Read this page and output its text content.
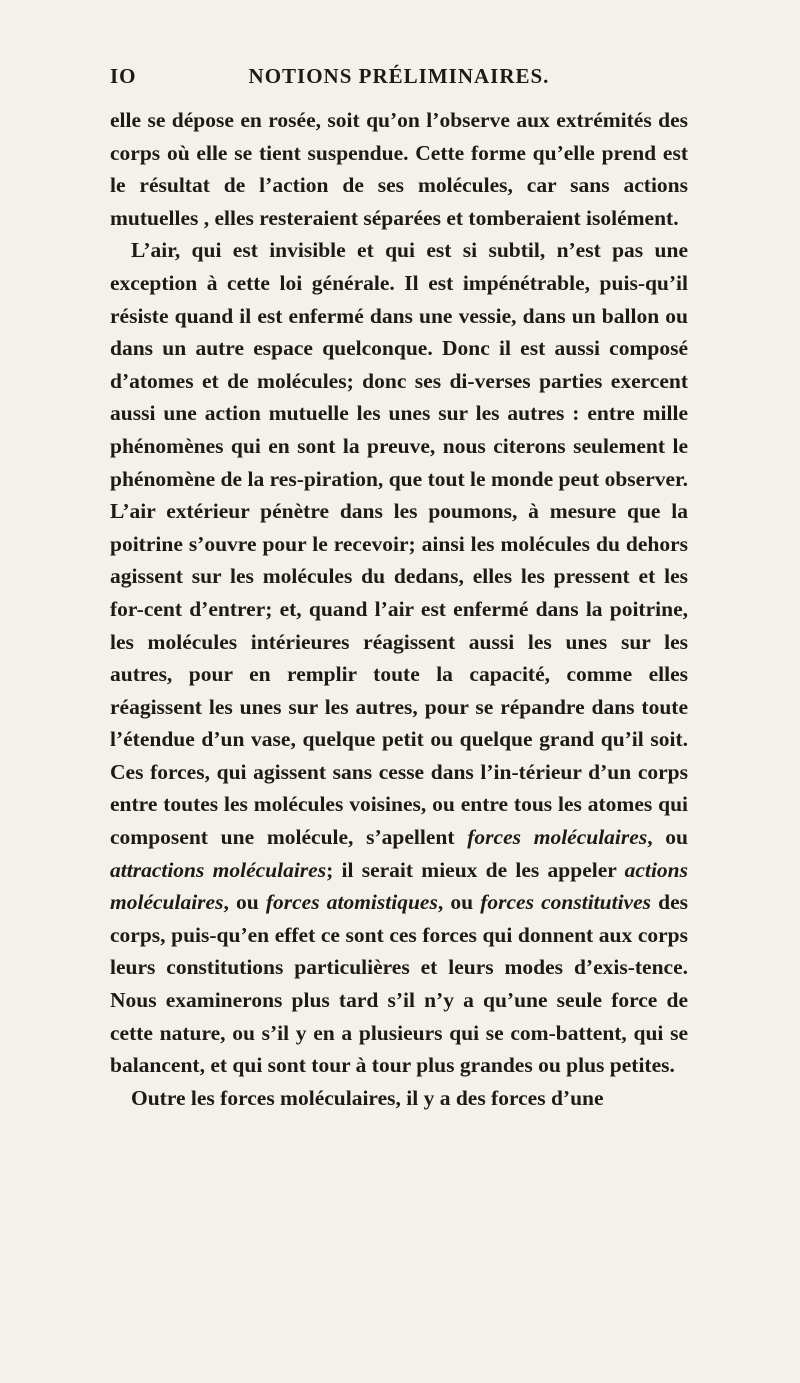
IO	NOTIONS PRÉLIMINAIRES.

elle se dépose en rosée, soit qu’on l’observe aux extrémités des corps où elle se tient suspendue. Cette forme qu’elle prend est le résultat de l’action de ses molécules, car sans actions mutuelles , elles resteraient séparées et tomberaient isolément.

L’air, qui est invisible et qui est si subtil, n’est pas une exception à cette loi générale. Il est impénétrable, puis-qu’il résiste quand il est enfermé dans une vessie, dans un ballon ou dans un autre espace quelconque. Donc il est aussi composé d’atomes et de molécules; donc ses di-verses parties exercent aussi une action mutuelle les unes sur les autres : entre mille phénomènes qui en sont la preuve, nous citerons seulement le phénomène de la res-piration, que tout le monde peut observer. L’air extérieur pénètre dans les poumons, à mesure que la poitrine s’ouvre pour le recevoir; ainsi les molécules du dehors agissent sur les molécules du dedans, elles les pressent et les for-cent d’entrer; et, quand l’air est enfermé dans la poitrine, les molécules intérieures réagissent aussi les unes sur les autres, pour en remplir toute la capacité, comme elles réagissent les unes sur les autres, pour se répandre dans toute l’étendue d’un vase, quelque petit ou quelque grand qu’il soit. Ces forces, qui agissent sans cesse dans l’in-térieur d’un corps entre toutes les molécules voisines, ou entre tous les atomes qui composent une molécule, s’apellent forces moléculaires, ou attractions moléculaires; il serait mieux de les appeler actions moléculaires, ou forces atomistiques, ou forces constitutives des corps, puis-qu’en effet ce sont ces forces qui donnent aux corps leurs constitutions particulières et leurs modes d’exis-tence. Nous examinerons plus tard s’il n’y a qu’une seule force de cette nature, ou s’il y en a plusieurs qui se com-battent, qui se balancent, et qui sont tour à tour plus grandes ou plus petites.

Outre les forces moléculaires, il y a des forces d’une
